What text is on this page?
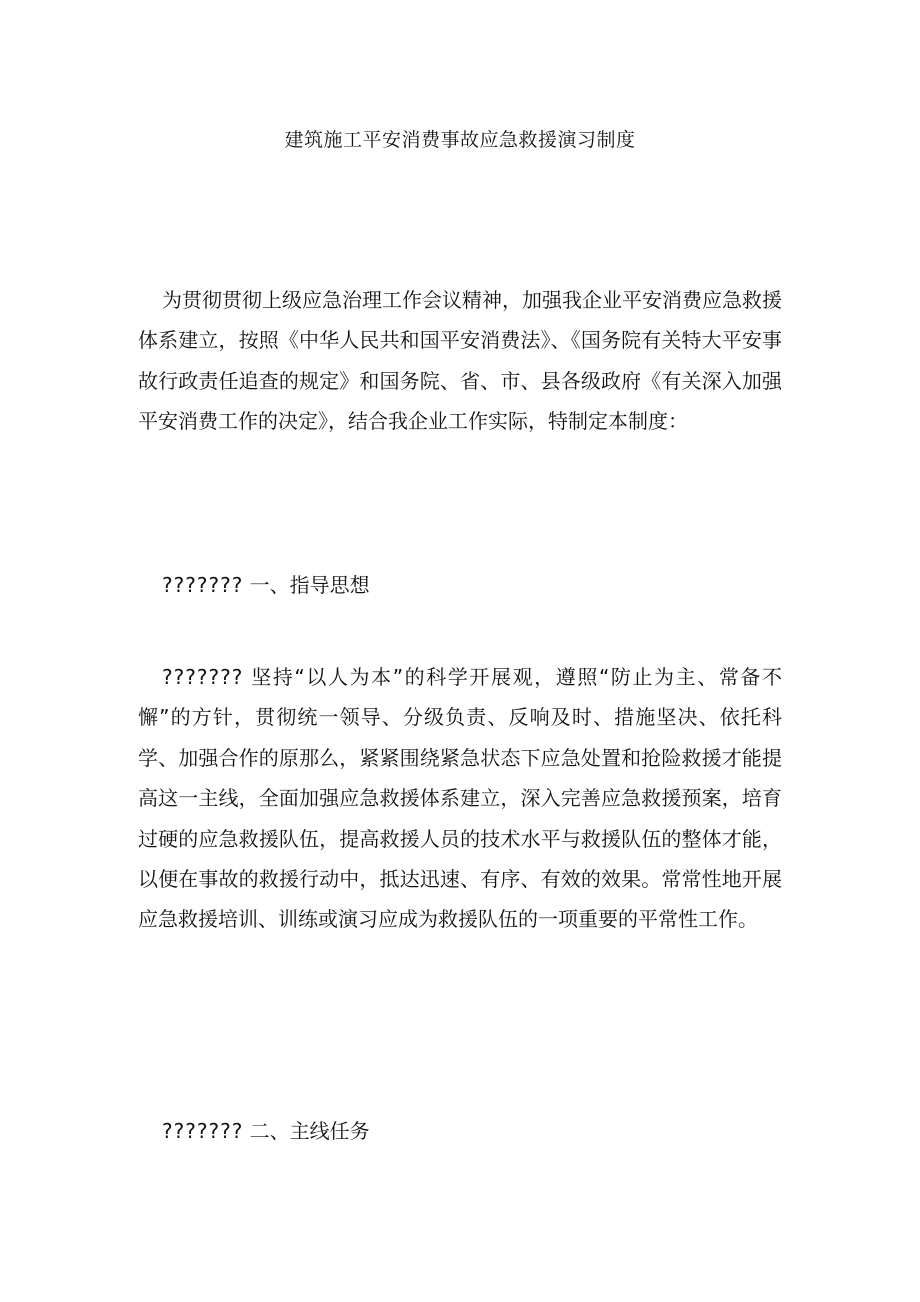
建筑施工平安消费事故应急救援演习制度

为贯彻贯彻上级应急治理工作会议精神，加强我企业平安消费应急救援体系建立，按照《中华人民共和国平安消费法》、《国务院有关特大平安事故行政责任追查的规定》和国务院、省、市、县各级政府《有关深入加强平安消费工作的决定》，结合我企业工作实际，特制定本制度：

??????? 一、指导思想

??????? 坚持“以人为本”的科学开展观，遵照“防止为主、常备不懈”的方针，贯彻统一领导、分级负责、反响及时、措施坚决、依托科学、加强合作的原那么，紧紧围绕紧急状态下应急处置和抢险救援才能提高这一主线，全面加强应急救援体系建立，深入完善应急救援预案，培育过硬的应急救援队伍，提高救援人员的技术水平与救援队伍的整体才能，以便在事故的救援行动中，抵达迅速、有序、有效的效果。常常性地开展应急救援培训、训练或演习应成为救援队伍的一项重要的平常性工作。

??????? 二、主线任务
